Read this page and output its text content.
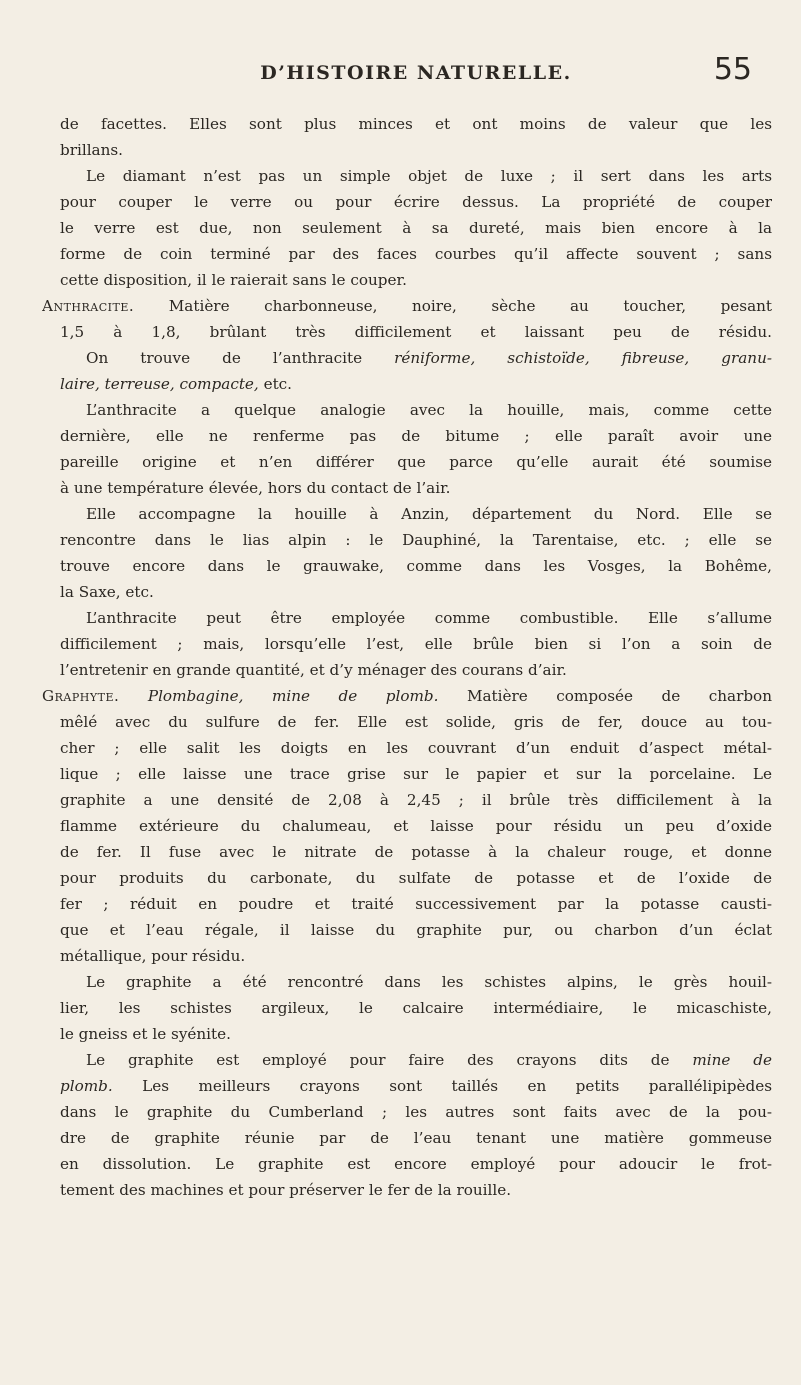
D’HISTOIRE NATURELLE.	55
de facettes. Elles sont plus minces et ont moins de valeur que les
brillans.
Le diamant n’est pas un simple objet de luxe ; il sert dans les arts
pour couper le verre ou pour écrire dessus. La propriété de couper
le verre est due, non seulement à sa dureté, mais bien encore à la
forme de coin terminé par des faces courbes qu’il affecte souvent ; sans
cette disposition, il le raierait sans le couper.
Anthracite. Matière charbonneuse, noire, sèche au toucher, pesant
1,5 à 1,8, brûlant très difficilement et laissant peu de résidu.
On trouve de l’anthracite réniforme, schistoïde, fibreuse, granu-
laire, terreuse, compacte, etc.
L’anthracite a quelque analogie avec la houille, mais, comme cette
dernière, elle ne renferme pas de bitume ; elle paraît avoir une
pareille origine et n’en différer que parce qu’elle aurait été soumise
à une température élevée, hors du contact de l’air.
Elle accompagne la houille à Anzin, département du Nord. Elle se
rencontre dans le lias alpin : le Dauphiné, la Tarentaise, etc. ; elle se
trouve encore dans le grauwake, comme dans les Vosges, la Bohême,
la Saxe, etc.
L’anthracite peut être employée comme combustible. Elle s’allume
difficilement ; mais, lorsqu’elle l’est, elle brûle bien si l’on a soin de
l’entretenir en grande quantité, et d’y ménager des courans d’air.
Graphyte. Plombagine, mine de plomb. Matière composée de charbon
mêlé avec du sulfure de fer. Elle est solide, gris de fer, douce au tou-
cher ; elle salit les doigts en les couvrant d’un enduit d’aspect métal-
lique ; elle laisse une trace grise sur le papier et sur la porcelaine. Le
graphite a une densité de 2,08 à 2,45 ; il brûle très difficilement à la
flamme extérieure du chalumeau, et laisse pour résidu un peu d’oxide
de fer. Il fuse avec le nitrate de potasse à la chaleur rouge, et donne
pour produits du carbonate, du sulfate de potasse et de l’oxide de
fer ; réduit en poudre et traité successivement par la potasse causti-
que et l’eau régale, il laisse du graphite pur, ou charbon d’un éclat
métallique, pour résidu.
Le graphite a été rencontré dans les schistes alpins, le grès houil-
lier, les schistes argileux, le calcaire intermédiaire, le micaschiste,
le gneiss et le syénite.
Le graphite est employé pour faire des crayons dits de mine de
plomb. Les meilleurs crayons sont taillés en petits parallélipipèdes
dans le graphite du Cumberland ; les autres sont faits avec de la pou-
dre de graphite réunie par de l’eau tenant une matière gommeuse
en dissolution. Le graphite est encore employé pour adoucir le frot-
tement des machines et pour préserver le fer de la rouille.
